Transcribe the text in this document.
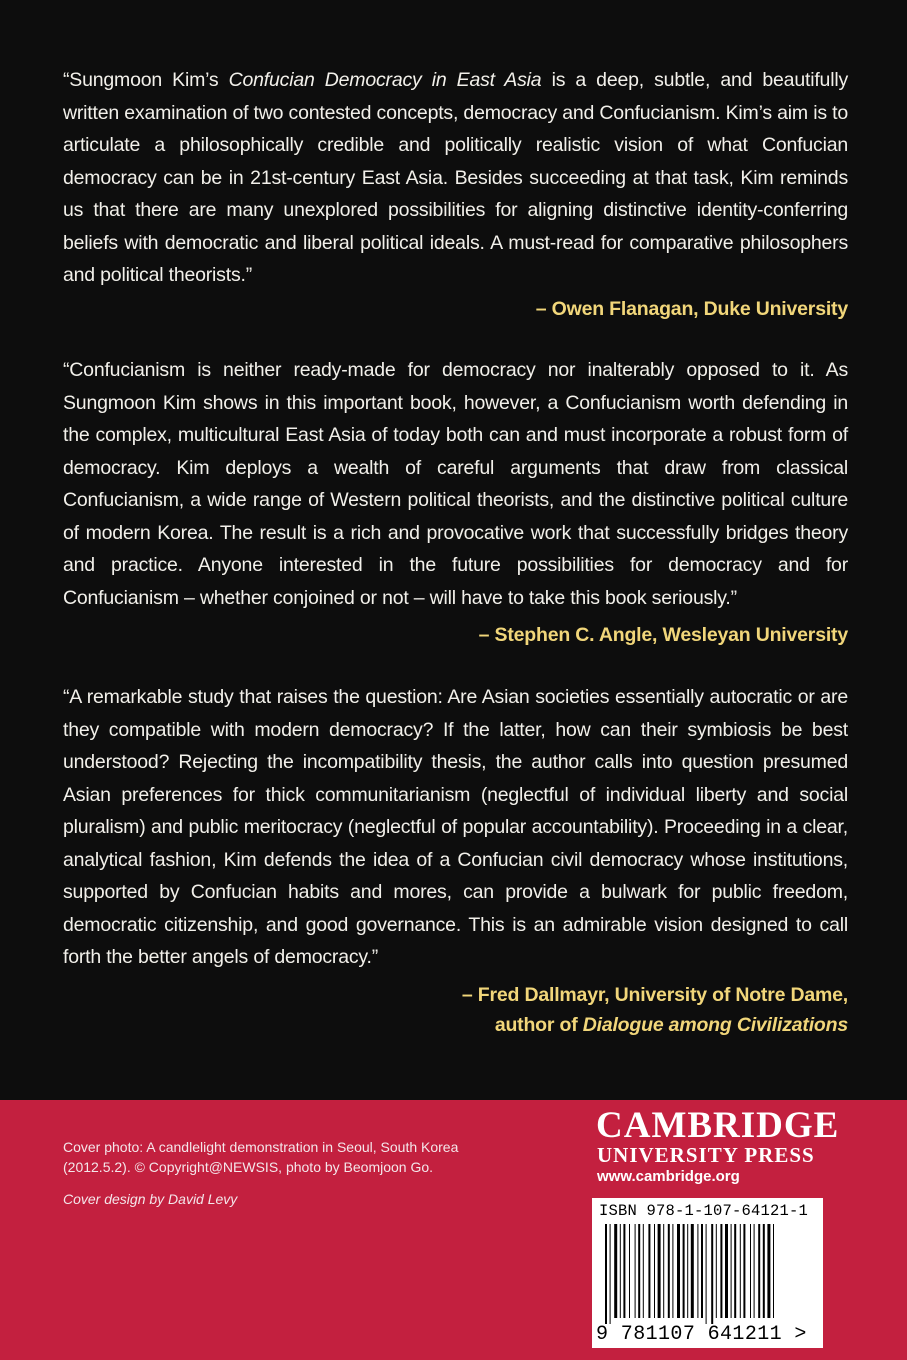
“Sungmoon Kim’s Confucian Democracy in East Asia is a deep, subtle, and beautifully written examination of two contested concepts, democracy and Confucianism. Kim’s aim is to articulate a philosophically credible and politically realistic vision of what Confucian democracy can be in 21st-century East Asia. Besides succeeding at that task, Kim reminds us that there are many unexplored possibilities for aligning distinctive identity-conferring beliefs with democratic and liberal political ideals. A must-read for comparative philosophers and political theorists.”
– Owen Flanagan, Duke University
“Confucianism is neither ready-made for democracy nor inalterably opposed to it. As Sungmoon Kim shows in this important book, however, a Confucianism worth defending in the complex, multicultural East Asia of today both can and must incorporate a robust form of democracy. Kim deploys a wealth of careful arguments that draw from classical Confucianism, a wide range of Western political theorists, and the distinctive political culture of modern Korea. The result is a rich and provocative work that successfully bridges theory and practice. Anyone interested in the future possibilities for democracy and for Confucianism – whether conjoined or not – will have to take this book seriously.”
– Stephen C. Angle, Wesleyan University
“A remarkable study that raises the question: Are Asian societies essentially autocratic or are they compatible with modern democracy? If the latter, how can their symbiosis be best understood? Rejecting the incompatibility thesis, the author calls into question presumed Asian preferences for thick communitarianism (neglectful of individual liberty and social pluralism) and public meritocracy (neglectful of popular accountability). Proceeding in a clear, analytical fashion, Kim defends the idea of a Confucian civil democracy whose institutions, supported by Confucian habits and mores, can provide a bulwark for public freedom, democratic citizenship, and good governance. This is an admirable vision designed to call forth the better angels of democracy.”
– Fred Dallmayr, University of Notre Dame,
author of Dialogue among Civilizations
Cover photo: A candlelight demonstration in Seoul, South Korea (2012.5.2). © Copyright@NEWSIS, photo by Beomjoon Go.
Cover design by David Levy
CAMBRIDGE
UNIVERSITY PRESS
www.cambridge.org
ISBN 978-1-107-64121-1
9 781107 641211 >
